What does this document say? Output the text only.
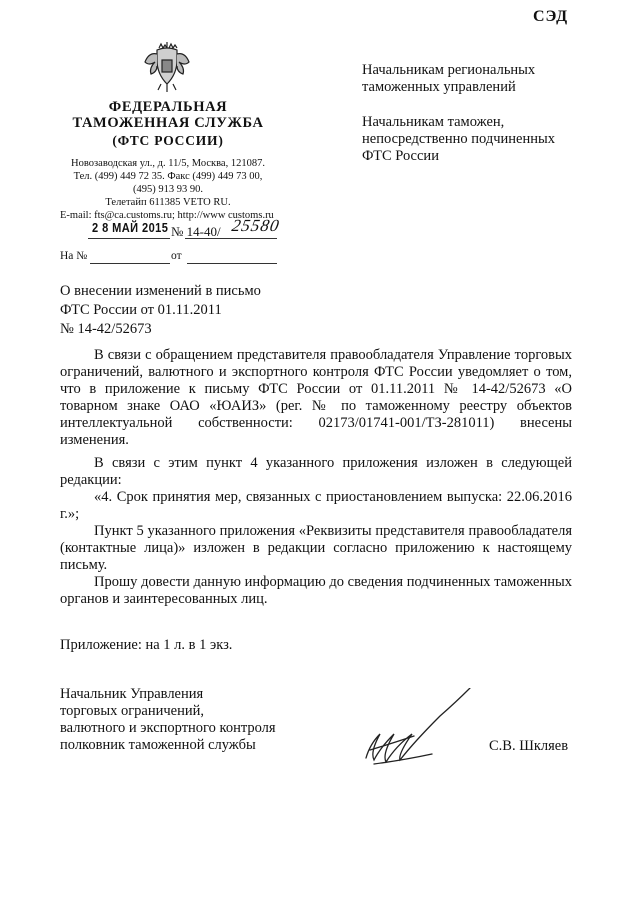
СЭД
ФЕДЕРАЛЬНАЯ
ТАМОЖЕННАЯ СЛУЖБА
(ФТС РОССИИ)
Новозаводская ул., д. 11/5, Москва, 121087.
Тел. (499) 449 72 35. Факс (499) 449 73 00,
(495) 913 93 90.
Телетайп 611385 VETO RU.
E-mail: fts@ca.customs.ru; http://www customs.ru
2 8 МАЙ 2015 № 14-40/ 25580
На №	от
Начальникам региональных
таможенных управлений
Начальникам таможен,
непосредственно подчиненных
ФТС России
О внесении изменений в письмо
ФТС России от 01.11.2011
№ 14-42/52673

В связи с обращением представителя правообладателя Управление торговых ограничений, валютного и экспортного контроля ФТС России уведомляет о том, что в приложение к письму ФТС России от 01.11.2011 № 14-42/52673 «О товарном знаке ОАО «ЮАИЗ» (рег. № по таможенному реестру объектов интеллектуальной собственности: 02173/01741-001/ТЗ-281011) внесены изменения.

В связи с этим пункт 4 указанного приложения изложен в следующей редакции:

«4. Срок принятия мер, связанных с приостановлением выпуска: 22.06.2016 г.»;

Пункт 5 указанного приложения «Реквизиты представителя правообладателя (контактные лица)» изложен в редакции согласно приложению к настоящему письму.

Прошу довести данную информацию до сведения подчиненных таможенных органов и заинтересованных лиц.

Приложение: на 1 л. в 1 экз.
Начальник Управления
торговых ограничений,
валютного и экспортного контроля
полковник таможенной службы	С.В. Шкляев
